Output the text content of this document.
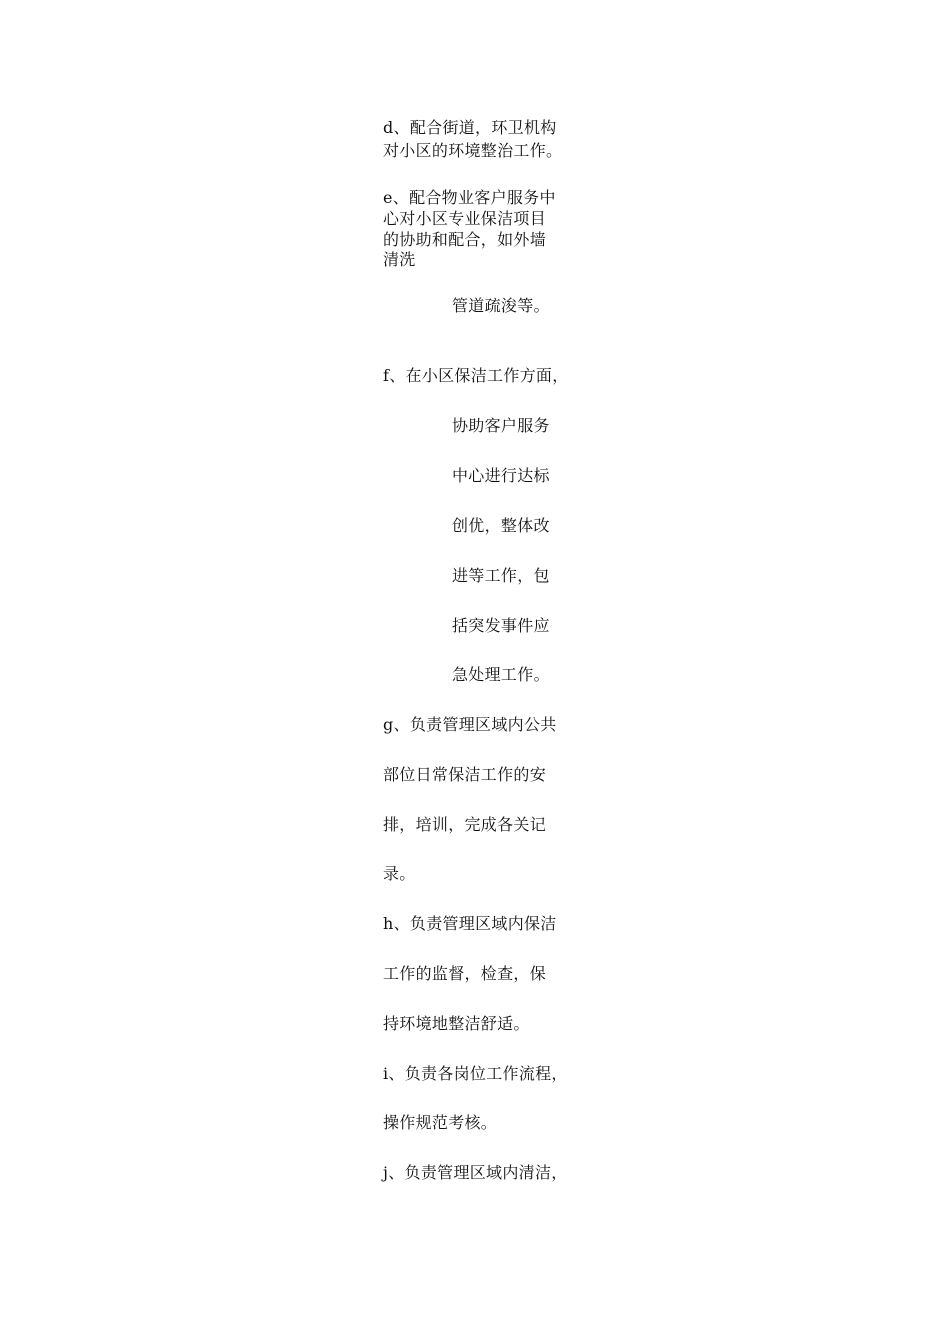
d、配合街道，环卫机构
对小区的环境整治工作。
e、配合物业客户服务中
心对小区专业保洁项目
的协助和配合，如外墙
清洗
管道疏浚等。
f、在小区保洁工作方面，
协助客户服务
中心进行达标
创优，整体改
进等工作，包
括突发事件应
急处理工作。
g、负责管理区域内公共
部位日常保洁工作的安
排，培训，完成各关记
录。
h、负责管理区域内保洁
工作的监督，检查，保
持环境地整洁舒适。
i、负责各岗位工作流程，
操作规范考核。
j、负责管理区域内清洁，
